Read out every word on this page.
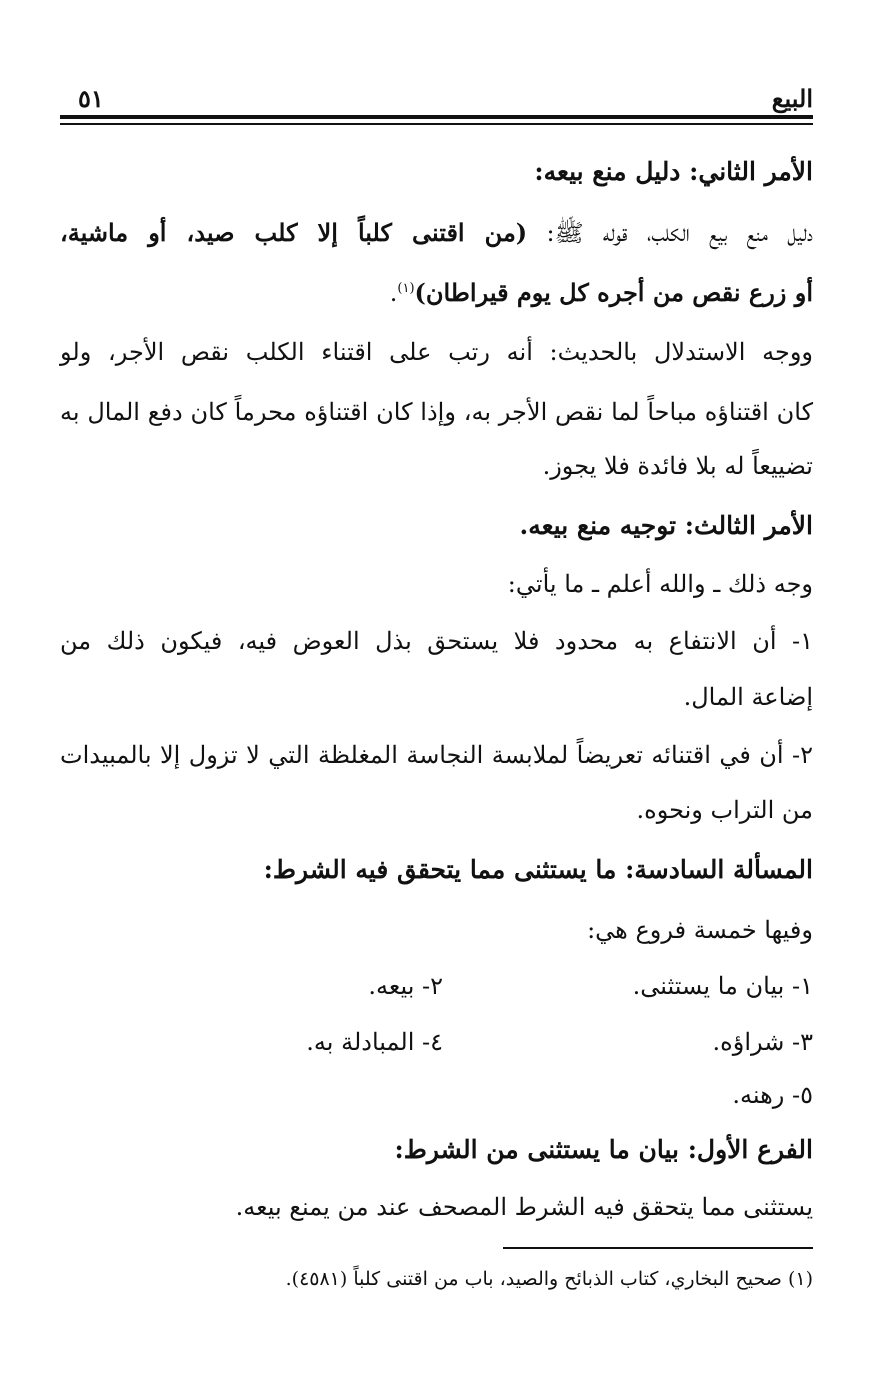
البيع
٥١
الأمر الثاني: دليل منع بيعه:
دليل منع بيع الكلب، قوله ﷺ: (من اقتنى كلباً إلا كلب صيد، أو ماشية،
أو زرع نقص من أجره كل يوم قيراطان)$^{(١)}$.
ووجه الاستدلال بالحديث: أنه رتب على اقتناء الكلب نقص الأجر، ولو
كان اقتناؤه مباحاً لما نقص الأجر به، وإذا كان اقتناؤه محرماً كان دفع المال به
تضييعاً له بلا فائدة فلا يجوز.
الأمر الثالث: توجيه منع بيعه.
وجه ذلك ـ والله أعلم ـ ما يأتي:
١- أن الانتفاع به محدود فلا يستحق بذل العوض فيه، فيكون ذلك من
إضاعة المال.
٢- أن في اقتنائه تعريضاً لملابسة النجاسة المغلظة التي لا تزول إلا بالمبيدات
من التراب ونحوه.
المسألة السادسة: ما يستثنى مما يتحقق فيه الشرط:
وفيها خمسة فروع هي:
١- بيان ما يستثنى.
٢- بيعه.
٣- شراؤه.
٤- المبادلة به.
٥- رهنه.
الفرع الأول: بيان ما يستثنى من الشرط:
يستثنى مما يتحقق فيه الشرط المصحف عند من يمنع بيعه.
(١) صحيح البخاري، كتاب الذبائح والصيد، باب من اقتنى كلباً (٤٥٨١).
